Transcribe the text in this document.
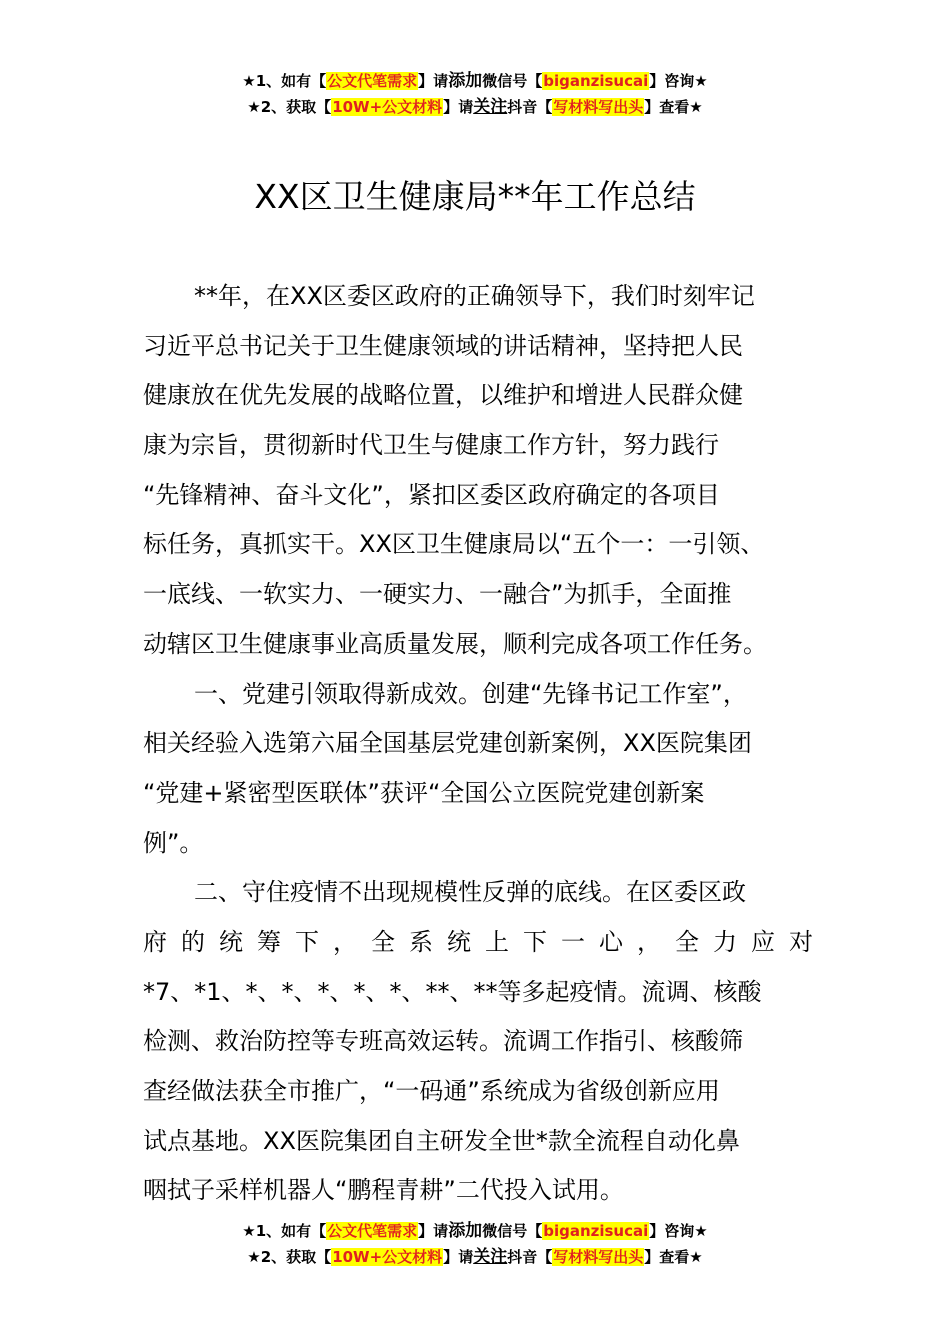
★1、如有【公文代笔需求】请添加微信号【biganzisucai】咨询★
★2、获取【10W+公文材料】请关注抖音【写材料写出头】查看★
XX区卫生健康局**年工作总结
**年，在XX区委区政府的正确领导下，我们时刻牢记
习近平总书记关于卫生健康领域的讲话精神，坚持把人民
健康放在优先发展的战略位置，以维护和增进人民群众健
康为宗旨，贯彻新时代卫生与健康工作方针，努力践行
“先锋精神、奋斗文化”，紧扣区委区政府确定的各项目
标任务，真抓实干。XX区卫生健康局以“五个一：一引领、
一底线、一软实力、一硬实力、一融合”为抓手，全面推
动辖区卫生健康事业高质量发展，顺利完成各项工作任务。
一、党建引领取得新成效。创建“先锋书记工作室”，
相关经验入选第六届全国基层党建创新案例，XX医院集团
“党建+紧密型医联体”获评“全国公立医院党建创新案
例”。
二、守住疫情不出现规模性反弹的底线。在区委区政
府 的 统 筹 下 ， 全 系 统 上 下 一 心 ， 全 力 应 对
*7、*1、*、*、*、*、*、**、**等多起疫情。流调、核酸
检测、救治防控等专班高效运转。流调工作指引、核酸筛
查经做法获全市推广，“一码通”系统成为省级创新应用
试点基地。XX医院集团自主研发全世*款全流程自动化鼻
咽拭子采样机器人“鹏程青耕”二代投入试用。
★1、如有【公文代笔需求】请添加微信号【biganzisucai】咨询★
★2、获取【10W+公文材料】请关注抖音【写材料写出头】查看★
